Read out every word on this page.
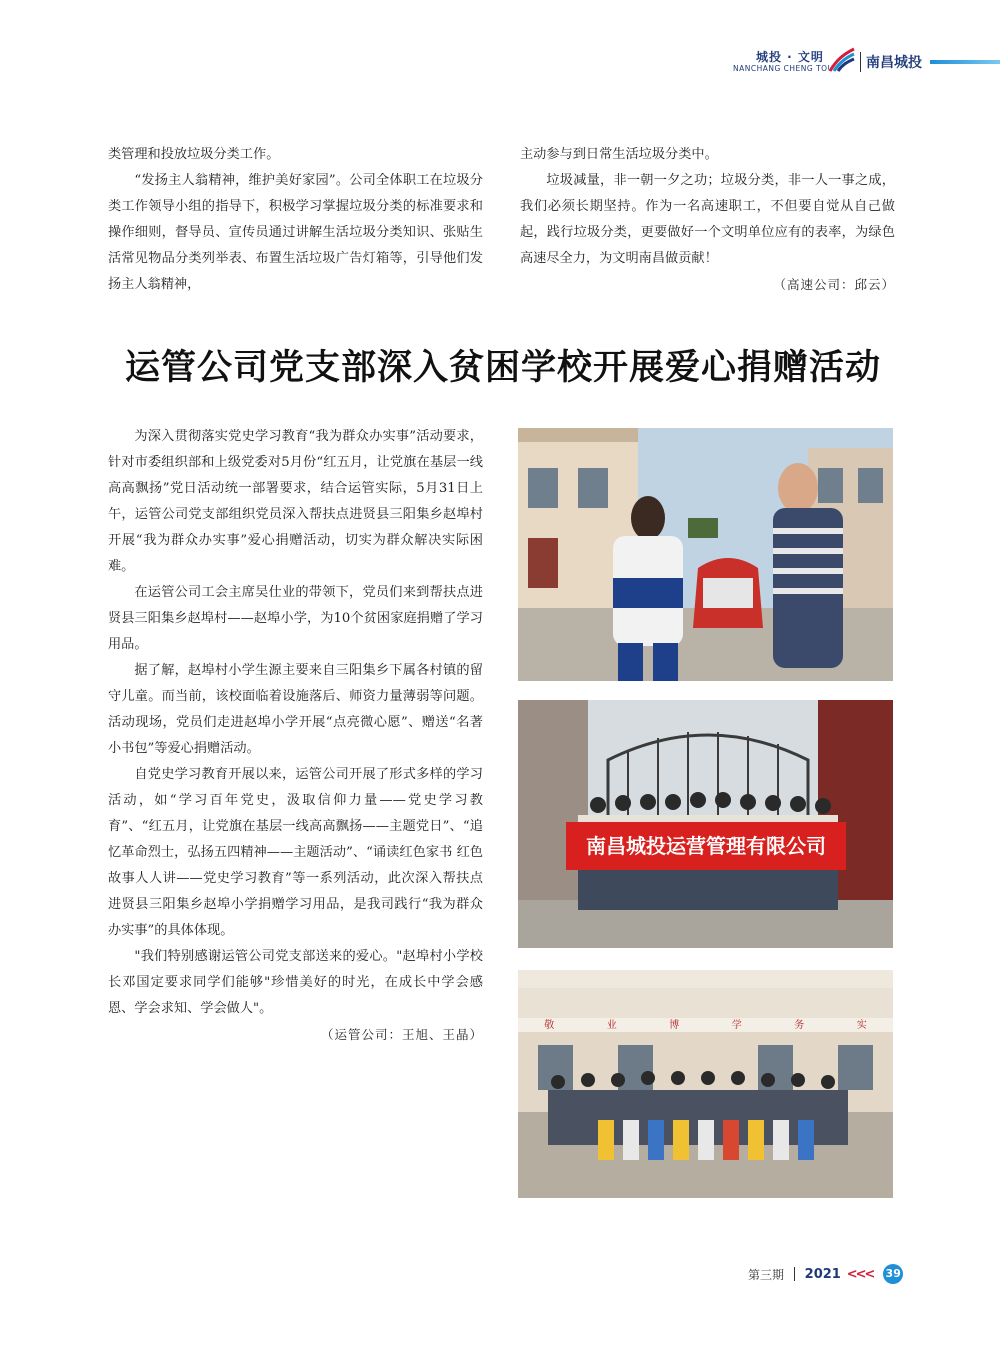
城投 · 文明
NANCHANG CHENG TOU 南昌城投

类管理和投放垃圾分类工作。

“发扬主人翁精神，维护美好家园”。公司全体职工在垃圾分类工作领导小组的指导下，积极学习掌握垃圾分类的标准要求和操作细则，督导员、宣传员通过讲解生活垃圾分类知识、张贴生活常见物品分类列举表、布置生活垃圾广告灯箱等，引导他们发扬主人翁精神，

主动参与到日常生活垃圾分类中。

垃圾减量，非一朝一夕之功；垃圾分类，非一人一事之成，我们必须长期坚持。作为一名高速职工，不但要自觉从自己做起，践行垃圾分类，更要做好一个文明单位应有的表率，为绿色高速尽全力，为文明南昌做贡献！

（高速公司：邱云）

运管公司党支部深入贫困学校开展爱心捐赠活动

为深入贯彻落实党史学习教育“我为群众办实事”活动要求，针对市委组织部和上级党委对5月份“红五月，让党旗在基层一线高高飘扬”党日活动统一部署要求，结合运管实际，5月31日上午，运管公司党支部组织党员深入帮扶点进贤县三阳集乡赵埠村开展“我为群众办实事”爱心捐赠活动，切实为群众解决实际困难。

在运管公司工会主席吴仕业的带领下，党员们来到帮扶点进贤县三阳集乡赵埠村——赵埠小学，为10个贫困家庭捐赠了学习用品。

据了解，赵埠村小学生源主要来自三阳集乡下属各村镇的留守儿童。而当前，该校面临着设施落后、师资力量薄弱等问题。活动现场，党员们走进赵埠小学开展“点亮微心愿”、赠送“名著小书包”等爱心捐赠活动。

自党史学习教育开展以来，运管公司开展了形式多样的学习活动，如“学习百年党史，汲取信仰力量——党史学习教育”、“红五月，让党旗在基层一线高高飘扬——主题党日”、“追忆革命烈士，弘扬五四精神——主题活动”、“诵读红色家书 红色故事人人讲——党史学习教育”等一系列活动，此次深入帮扶点进贤县三阳集乡赵埠小学捐赠学习用品，是我司践行“我为群众办实事”的具体体现。

"我们特别感谢运管公司党支部送来的爱心。"赵埠村小学校长邓国定要求同学们能够"珍惜美好的时光，在成长中学会感恩、学会求知、学会做人"。

（运管公司：王旭、王晶）

南昌城投运营管理有限公司
敬	业	博	学	务	实
第三期 2021 <<< 39
